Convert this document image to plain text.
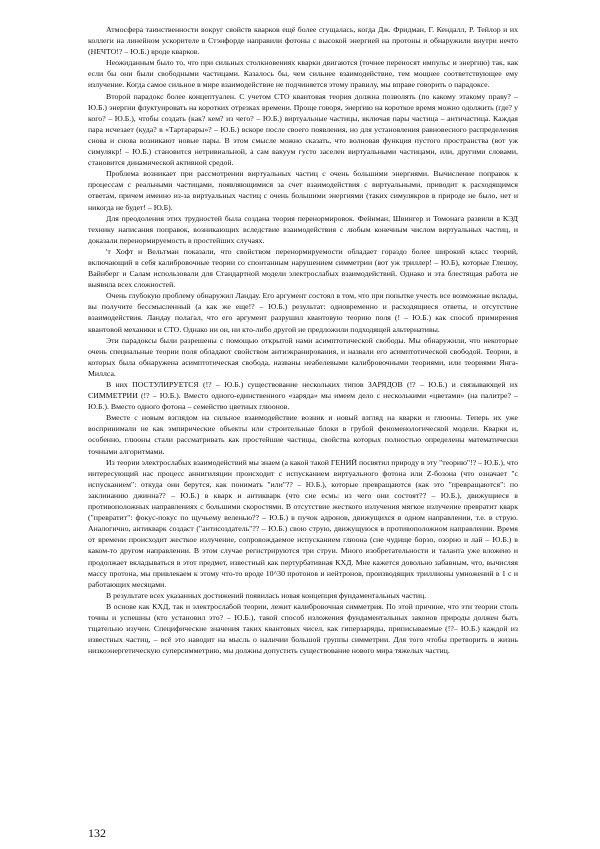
Атмосфера таинственности вокруг свойств кварков ещё более сгущалась, когда Дж. Фридман, Г. Кендалл, Р. Тейлор и их коллеги на линейном ускорителе в Стэнфорде направили фотоны с высокой энергией на протоны и обнаружили внутри нечто (НЕЧТО!? – Ю.Б.) вроде кварков.

Неожиданным было то, что при сильных столкновениях кварки двигаются (точнее переносят импульс и энергию) так, как если бы они были свободными частицами. Казалось бы, чем сильнее взаимодействие, тем мощнее соответствующее ему излучение. Когда самое сильное в мире взаимодействие не подчиняется этому правилу, мы вправе говорить о парадоксе.

Второй парадокс более концептуален. С учетом СТО квантовая теория должна позволять (по какому этакому праву? – Ю.Б.) энергии флуктуировать на коротких отрезках времени. Проще говоря, энергию на короткое время можно одолжить (где? у кого? – Ю.Б.), чтобы создать (как? кем? из чего? – Ю.Б.) виртуальные частицы, включая пары частица – античастица. Каждая пара исчезает (куда? в «Тартарары»? – Ю.Б.) вскоре после своего появления, но для установления равновесного распределения снова и снова возникают новые пары. В этом смысле можно сказать, что волновая функция пустого пространства (вот уж симулякр! – Ю.Б.) становится нетривиальной, а сам вакуум густо заселен виртуальными частицами, или, другими словами, становится динамической активной средой.

Проблема возникает при рассмотрении виртуальных частиц с очень большими энергиями. Вычисление поправок к процессам с реальными частицами, появляющимися за счет взаимодействия с виртуальными, приводит к расходящимся ответам, причем именно из-за виртуальных частиц с очень большими энергиями (таких симулякров в природе не было, нет и никогда не будет! – Ю.Б).

Для преодоления этих трудностей была создана теория перенормировок. Фейнман, Швингер и Томонага развили в КЭД технику написания поправок, возникающих вследствие взаимодействия с любым конечным числом виртуальных частиц, и доказали перенормируемость в простейших случаях.

'т Хофт и Вельтман показали, что свойством перенормируемости обладает гораздо более широкий класс теорий, включающий в себя калибровочные теории со спонтанным нарушением симметрии (вот уж триллер! – Ю.Б), которые Глешоу, Вайнберг и Салам использовали для Стандартной модели электрослабых взаимодействий. Однако и эта блестящая работа не выявила всех сложностей.

Очень глубокую проблему обнаружил Ландау. Его аргумент состоял в том, что при попытке учесть все возможные вклады, вы получите бессмысленный (а как же еще!? – Ю.Б.) результат: одновременно и расходящиеся ответы, и отсутствие взаимодействия. Ландау полагал, что его аргумент разрушил квантовую теорию поля (! – Ю.Б.) как способ примирения квантовой механики и СТО. Однако ни он, ни кто-либо другой не предложили подходящей альтернативы.

Эти парадоксы были разрешены с помощью открытой нами асимптотической свободы. Мы обнаружили, что некоторые очень специальные теории поля обладают свойством антиэкранирования, и назвали его асимптотической свободой. Теории, в которых была обнаружена асимптотическая свобода, названы неабелевыми калибровочными теориями, или теориями Янга-Миллса.

В них ПОСТУЛИРУЕТСЯ (!? – Ю.Б.) существование нескольких типов ЗАРЯДОВ (!? – Ю.Б.) и связывающей их СИММЕТРИИ (!? – Ю.Б.). Вместо одного-единственного «заряда» мы имеем дело с несколькими «цветами» (на палитре? – Ю.Б.). Вместо одного фотона – семейство цветных глюонов.

Вместе с новым взглядом на сильное взаимодействие возник и новый взгляд на кварки и глюоны. Теперь их уже воспринимали не как эмпирические объекты или строительные блоки в грубой феноменологической модели. Кварки и, особенно, глюоны стали рассматривать как простейшие частицы, свойства которых полностью определены математически точными алгоритмами.

Из теории электрослабых взаимодействий мы знаем (а какой такой ГЕНИЙ посвятил природу в эту "теорию"!? – Ю.Б.), что интересующий нас процесс аннигиляции происходит с испусканием виртуального фотона или Z-бозона (что означает "с испусканием": откуда они берутся, как понимать "или"?? – Ю.Б.), которые превращаются (как это "превращаются": по заклинанию джинна?? – Ю.Б.) в кварк и антикварк (что сие есмь: из чего они состоят?? – Ю.Б.), движущиеся в противоположных направлениях с большими скоростями. В отсутствие жесткого излучения мягкое излучение превратит кварк ("превратит": фокус-покус по щучьему веленью?? – Ю.Б.) в пучок адронов, движущихся в одном направлении, т.е. в струю. Аналогично, антикварк создаст ("антисоздатель"?? – Ю.Б.) свою струю, движущуюся в противоположном направлении. Время от времени происходит жесткое излучение, сопровождаемое испусканием глюона (сие чудище борзо, озорно и лай – Ю.Б.) в каком-то другом направлении. В этом случае регистрируются три струи. Много изобретательности и таланта уже вложено и продолжает вкладываться в этот предмет, известный как пертурбативная КХД. Мне кажется довольно забавным, что, вычисляя массу протона, мы привлекаем к этому что-то вроде 10^30 протонов и нейтронов, производящих триллионы умножений в 1 с и работающих месяцами.

В результате всех указанных достижений появилась новая концепция фундаментальных частиц.

В основе как КХД, так и электрослабой теории, лежит калибровочная симметрия. По этой причине, что эти теории столь точны и успешны (кто установил это? – Ю.Б.), такой способ изложения фундаментальных законов природы должен быть тщательно изучен. Специфические значения таких квантовых чисел, как гиперзаряды, приписываемые (!?– Ю.Б.) каждой из известных частиц, – всё это наводит на мысль о наличии большой группы симметрии. Для того чтобы претворить в жизнь низкоэнергетическую суперсимметрию, мы должны допустить существование нового мира тяжелых частиц.

132
